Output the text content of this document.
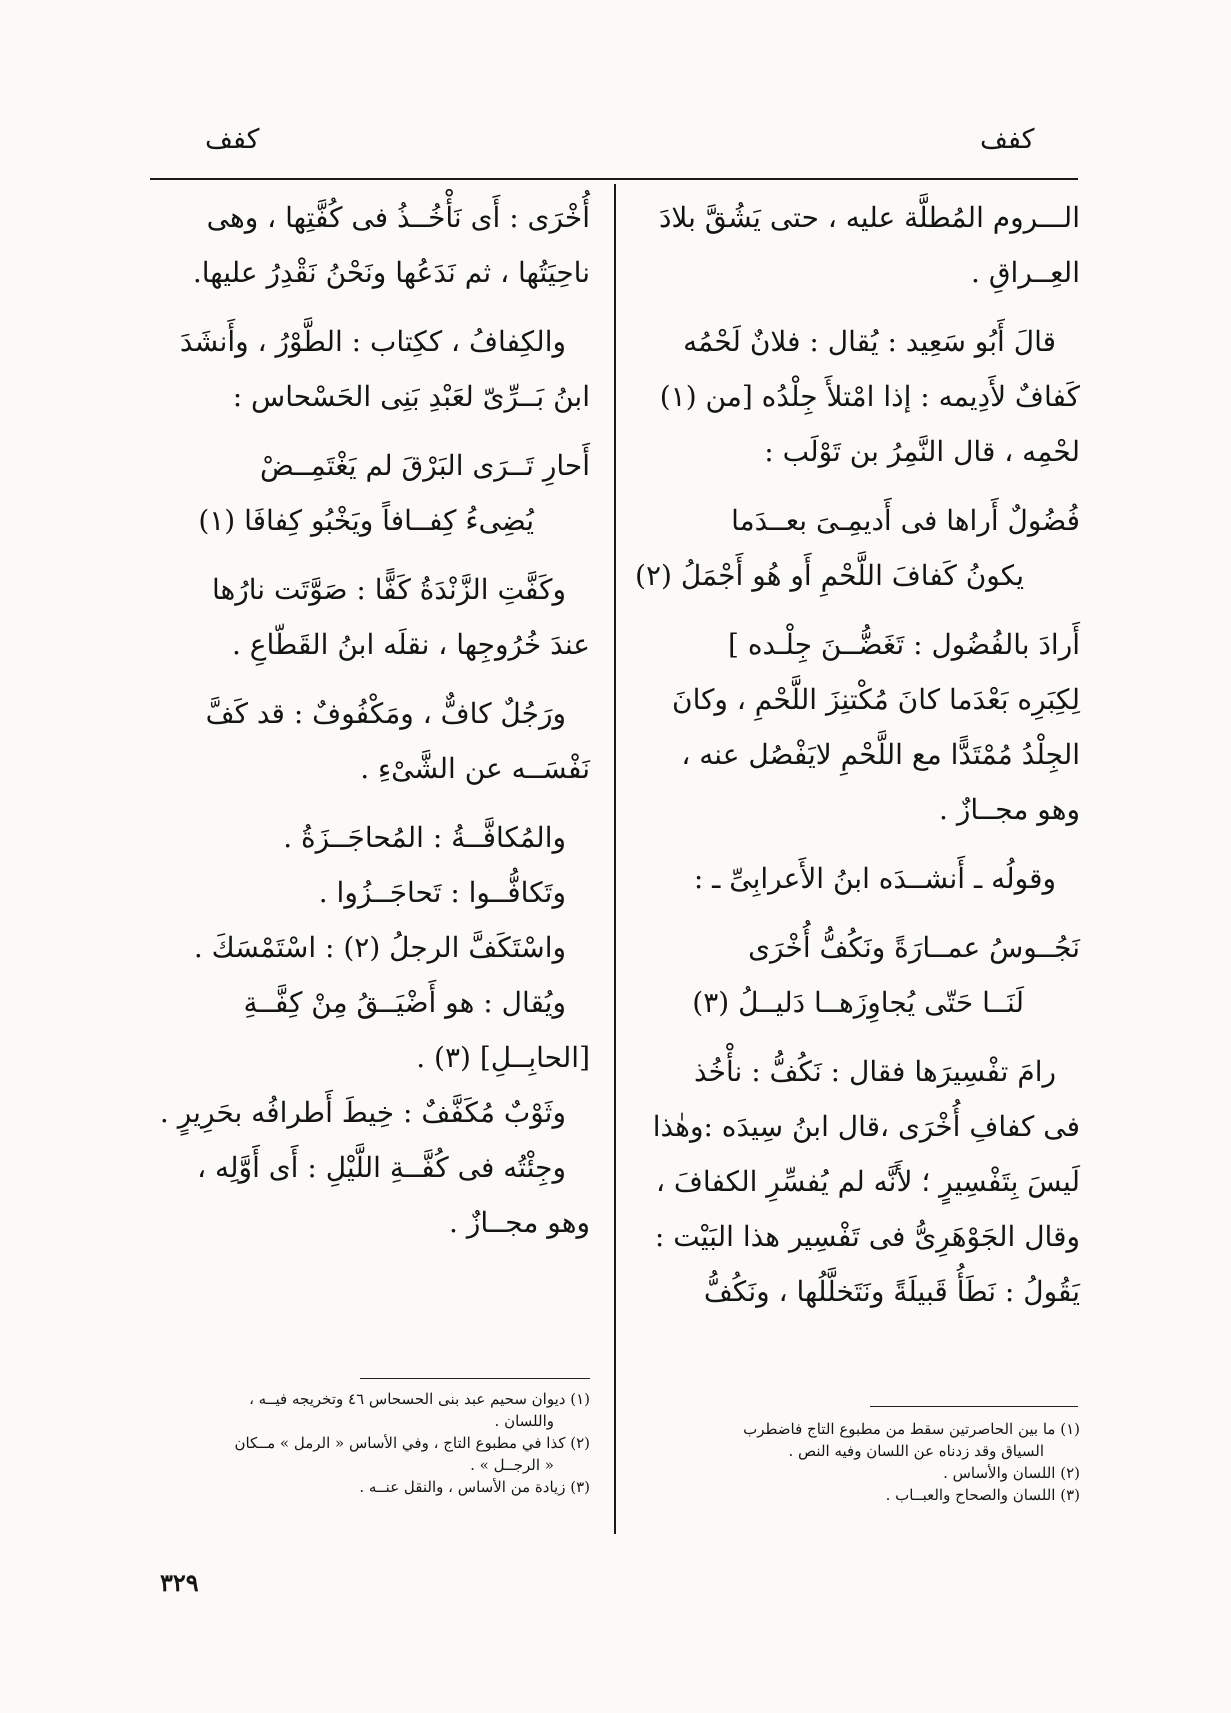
كفف
كفف
الـــروم المُطلَّة عليه ، حتى يَشُقَّ بلادَ
العِــراقِ .
قالَ أَبُو سَعِيد : يُقال : فلانٌ لَحْمُه
كَفافٌ لأَدِيمه : إذا امْتلأَ جِلْدُه [من (١)
لحْمِه ، قال النَّمِرُ بن تَوْلَب :
فُضُولٌ أَراها فى أَديمِـىَ بعــدَما
يكونُ كَفافَ اللَّحْمِ أَو هُو أَجْمَلُ (٢)
أَرادَ بالفُضُول : تَغَضُّــنَ جِلْـده ]
لِكِبَرِه بَعْدَما كانَ مُكْتنِزَ اللَّحْمِ ، وكانَ
الجِلْدُ مُمْتَدًّا مع اللَّحْمِ لايَفْصُل عنه ،
وهو مجــازٌ .
وقولُه ـ أَنشــدَه ابنُ الأَعرابِىِّ ـ :
نَجُــوسُ عمــارَةً ونَكُفُّ أُخْرَى
لَنَــا حَتّى يُجاوِزَهــا دَليــلُ (٣)
رامَ تفْسِيرَها فقال : نَكُفُّ : نأْخُذ
فى كفافِ أُخْرَى ،قال ابنُ سِيدَه :وهٰذا
لَيسَ بِتَفْسِيرٍ ؛ لأَنَّه لم يُفسِّرِ الكفافَ ،
وقال الجَوْهَرِىُّ فى تَفْسِير هذا البَيْت :
يَقُولُ : نَطَأُ قَبيلَةً ونَتَخلَّلُها ، ونَكُفُّ
أُخْرَى : أَى نَأْخُــذُ فى كُفَّتِها ، وهى
ناحِيَتُها ، ثم نَدَعُها ونَحْنُ نَقْدِرُ عليها.
والكِفافُ ، ككِتاب : الطَّوْرُ ، وأَنشَدَ
ابنُ بَــرِّىّ لعَبْدِ بَنِى الحَسْحاس :
أَحارِ تَــرَى البَرْقَ لم يَغْتَمِــضْ
يُضِىءُ كِفــافاً ويَخْبُو كِفافَا (١)
وكَفَّتِ الزَّنْدَةُ كَفًّا : صَوَّتَت نارُها
عندَ خُرُوجِها ، نقلَه ابنُ القَطّاعِ .
ورَجُلٌ كافٌّ ، ومَكْفُوفٌ : قد كَفَّ
نَفْسَــه عن الشَّىْءِ .
والمُكافَّــةُ : المُحاجَــزَةُ .
وتَكافُّــوا : تَحاجَــزُوا .
واسْتَكَفَّ الرجلُ (٢) : اسْتَمْسَكَ .
ويُقال : هو أَضْيَــقُ مِنْ كِفَّــةِ
[الحابِــلِ] (٣) .
وثَوْبٌ مُكَفَّفٌ : خِيطَ أَطرافُه بحَرِيرٍ .
وجِئْتُه فى كُفَّــةِ اللَّيْلِ : أَى أَوَّلِه ،
وهو مجــازٌ .
(١) ما بين الحاصرتين سقط من مطبوع التاج فاضطرب
السياق وقد زدناه عن اللسان وفيه النص .
(٢) اللسان والأساس .
(٣) اللسان والصحاح والعبــاب .
(١) ديوان سحيم عبد بنى الحسحاس ٤٦ وتخريجه فيــه ،
واللسان .
(٢) كذا في مطبوع التاج ، وفي الأساس « الرمل » مــكان
« الرجــل » .
(٣) زيادة من الأساس ، والنقل عنــه .
٣٢٩
